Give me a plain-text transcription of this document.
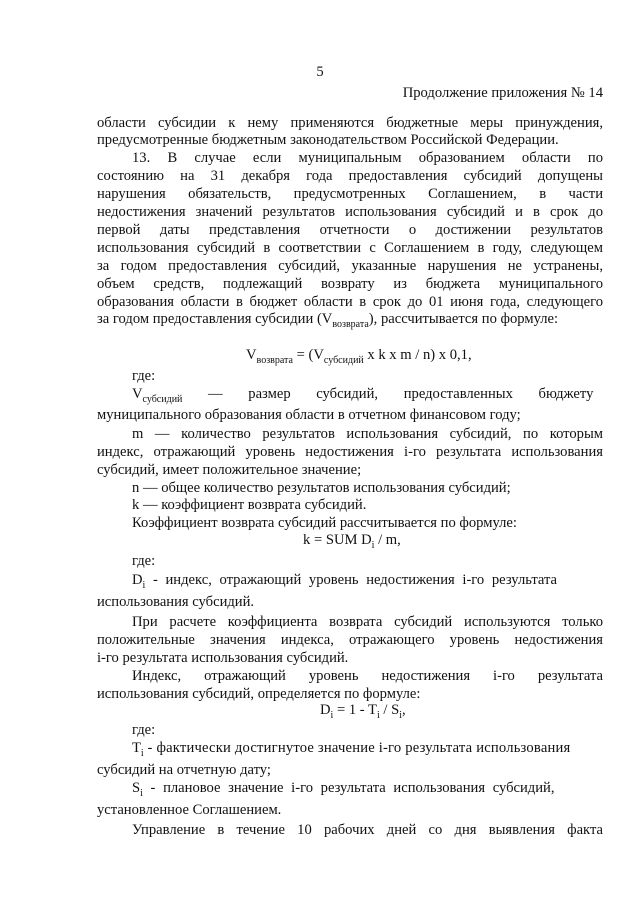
5
Продолжение приложения № 14
области субсидии к нему применяются бюджетные меры принуждения,
предусмотренные бюджетным законодательством Российской Федерации.
13. В случае если муниципальным образованием области по
состоянию на 31 декабря года предоставления субсидий допущены
нарушения обязательств, предусмотренных Соглашением, в части
недостижения значений результатов использования субсидий и в срок до
первой даты представления отчетности о достижении результатов
использования субсидий в соответствии с Соглашением в году, следующем
за годом предоставления субсидий, указанные нарушения не устранены,
объем средств, подлежащий возврату из бюджета муниципального
образования области в бюджет области в срок до 01 июня года, следующего
за годом предоставления субсидии $(V_{возврата})$, рассчитывается по формуле:
$V_{возврата} = (V_{субсидий}$ x k x m / n) x 0,1,
где:
$V_{субсидий}$ — размер субсидий, предоставленных бюджету
муниципального образования области в отчетном финансовом году;
m — количество результатов использования субсидий, по которым
индекс, отражающий уровень недостижения i-го результата использования
субсидий, имеет положительное значение;
n — общее количество результатов использования субсидий;
k — коэффициент возврата субсидий.
Коэффициент возврата субсидий рассчитывается по формуле:
k = SUM $D_i$ / m,
где:
$D_i$ - индекс, отражающий уровень недостижения i-го результата
использования субсидий.
При расчете коэффициента возврата субсидий используются только
положительные значения индекса, отражающего уровень недостижения
i-го результата использования субсидий.
Индекс, отражающий уровень недостижения i-го результата
использования субсидий, определяется по формуле:
$D_i = 1 - T_i / S_i$,
где:
$T_i$ - фактически достигнутое значение i-го результата использования
субсидий на отчетную дату;
$S_i$ - плановое значение i-го результата использования субсидий,
установленное Соглашением.
Управление в течение 10 рабочих дней со дня выявления факта
